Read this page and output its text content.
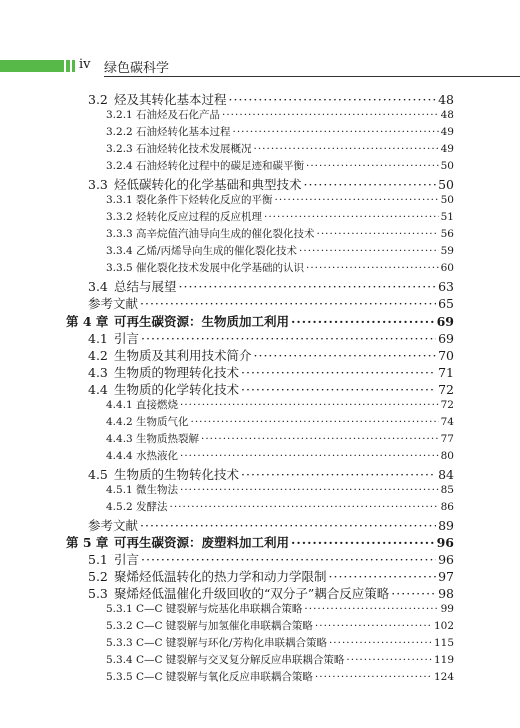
iv 绿色碳科学
3.2 烃及其转化基本过程 ·····	48
3.2.1 石油烃及石化产品 ·····	48
3.2.2 石油烃转化基本过程 ·····	49
3.2.3 石油烃转化技术发展概况 ·····	49
3.2.4 石油烃转化过程中的碳足迹和碳平衡 ·····	50
3.3 烃低碳转化的化学基础和典型技术 ·····	50
3.3.1 裂化条件下烃转化反应的平衡 ·····	50
3.3.2 烃转化反应过程的反应机理 ·····	51
3.3.3 高辛烷值汽油导向生成的催化裂化技术 ·····	56
3.3.4 乙烯/丙烯导向生成的催化裂化技术 ·····	59
3.3.5 催化裂化技术发展中化学基础的认识 ·····	60
3.4 总结与展望 ·····	63
参考文献 ·····	65
第 4 章 可再生碳资源：生物质加工利用 ·····	69
4.1 引言 ·····	69
4.2 生物质及其利用技术简介 ·····	70
4.3 生物质的物理转化技术 ·····	71
4.4 生物质的化学转化技术 ·····	72
4.4.1 直接燃烧 ·····	72
4.4.2 生物质气化 ·····	74
4.4.3 生物质热裂解 ·····	77
4.4.4 水热液化 ·····	80
4.5 生物质的生物转化技术 ·····	84
4.5.1 微生物法 ·····	85
4.5.2 发酵法 ·····	86
参考文献 ·····	89
第 5 章 可再生碳资源：废塑料加工利用 ·····	96
5.1 引言 ·····	96
5.2 聚烯烃低温转化的热力学和动力学限制 ·····	97
5.3 聚烯烃低温催化升级回收的“双分子”耦合反应策略 ·····	98
5.3.1 C—C 键裂解与烷基化串联耦合策略 ·····	99
5.3.2 C—C 键裂解与加氢催化串联耦合策略 ·····	102
5.3.3 C—C 键裂解与环化/芳构化串联耦合策略 ·····	115
5.3.4 C—C 键裂解与交叉复分解反应串联耦合策略 ·····	119
5.3.5 C—C 键裂解与氧化反应串联耦合策略 ·····	124
